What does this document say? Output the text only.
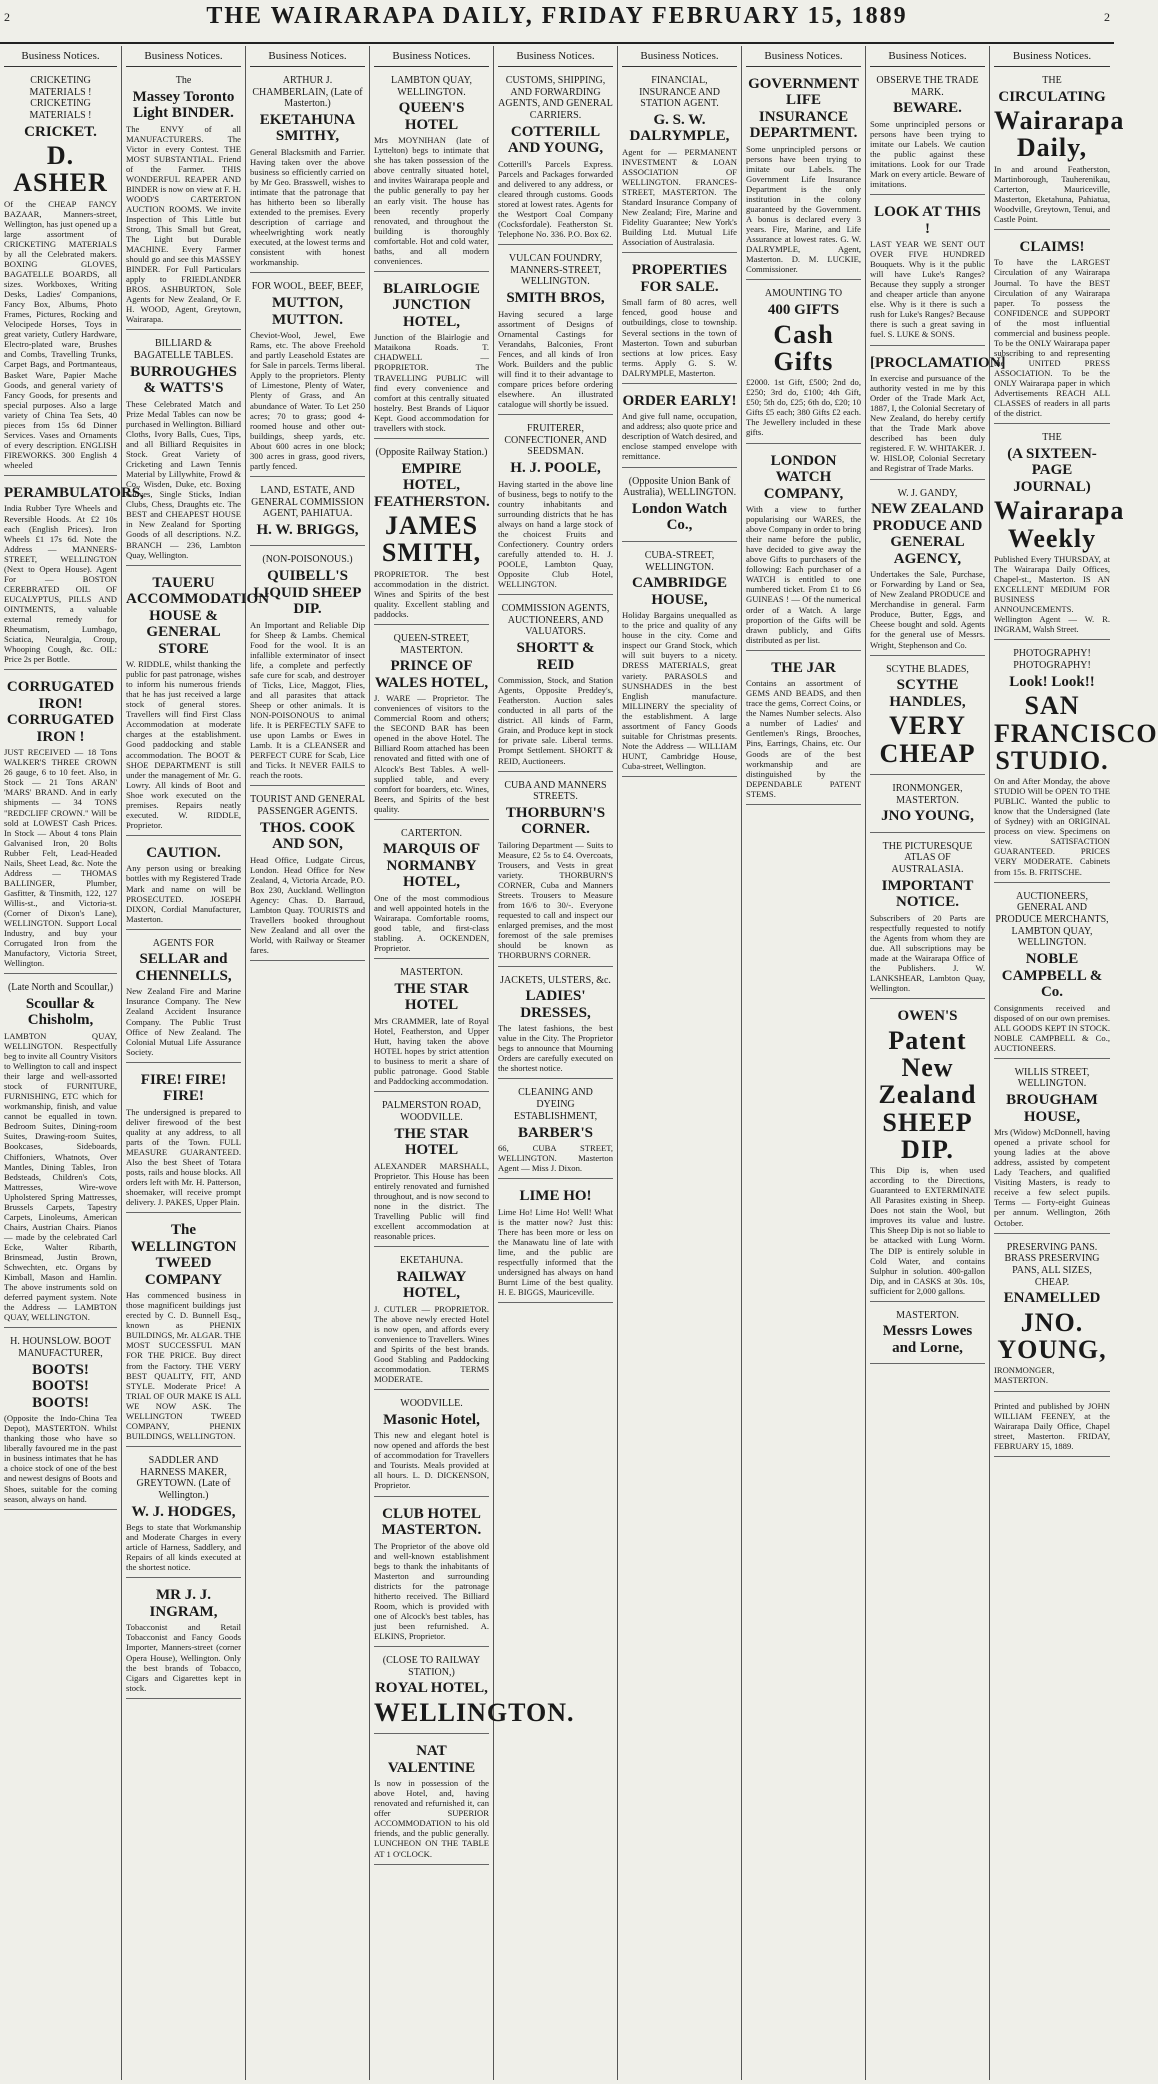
2	THE WAIRARAPA DAILY, FRIDAY FEBRUARY 15, 1889	2
Business Notices.
CRICKETING MATERIALS ! CRICKETING MATERIALS !
CRICKET.
D. ASHER
Of the CHEAP FANCY BAZAAR, Manners-street, Wellington, has just opened up a large assortment of CRICKETING MATERIALS by all the Celebrated makers. BOXING GLOVES, BAGATELLE BOARDS, all sizes. Workboxes, Writing Desks, Ladies' Companions, Fancy Box, Albums, Photo Frames, Pictures, Rocking and Velocipede Horses, Toys in great variety, Cutlery Hardware, Electro-plated ware, Brushes and Combs, Travelling Trunks, Carpet Bags, and Portmanteaus, Basket Ware, Papier Mache Goods, and general variety of Fancy Goods, for presents and special purposes. Also a large variety of China Tea Sets, 40 pieces from 15s 6d Dinner Services. Vases and Ornaments of every description. ENGLISH FIREWORKS. 300 English 4 wheeled
PERAMBULATORS,
India Rubber Tyre Wheels and Reversible Hoods. At £2 10s each (English Prices). Iron Wheels £1 17s 6d. Note the Address — MANNERS-STREET, WELLINGTON (Next to Opera House). Agent For — BOSTON CEREBRATED OIL OF EUCALYPTUS, PILLS AND OINTMENTS, a valuable external remedy for Rheumatism, Lumbago, Sciatica, Neuralgia, Croup, Whooping Cough, &c. OIL: Price 2s per Bottle.
CORRUGATED IRON! CORRUGATED IRON !
JUST RECEIVED — 18 Tons WALKER'S THREE CROWN 26 gauge, 6 to 10 feet. Also, in Stock — 21 Tons ARAN' 'MARS' BRAND. And in early shipments — 34 TONS "REDCLIFF CROWN." Will be sold at LOWEST Cash Prices. In Stock — About 4 tons Plain Galvanised Iron, 20 Bolts Rubber Felt, Lead-Headed Nails, Sheet Lead, &c. Note the Address — THOMAS BALLINGER, Plumber, Gasfitter, & Tinsmith, 122, 127 Willis-st., and Victoria-st. (Corner of Dixon's Lane), WELLINGTON. Support Local Industry, and buy your Corrugated Iron from the Manufactory, Victoria Street, Wellington.
(Late North and Scoullar,)
Scoullar & Chisholm,
LAMBTON QUAY, WELLINGTON. Respectfully beg to invite all Country Visitors to Wellington to call and inspect their large and well-assorted stock of FURNITURE, FURNISHING, ETC which for workmanship, finish, and value cannot be equalled in town. Bedroom Suites, Dining-room Suites, Drawing-room Suites, Bookcases, Sideboards, Chiffoniers, Whatnots, Over Mantles, Dining Tables, Iron Bedsteads, Children's Cots, Mattresses, Wire-wove Upholstered Spring Mattresses, Brussels Carpets, Tapestry Carpets, Linoleums, American Chairs, Austrian Chairs. Pianos — made by the celebrated Carl Ecke, Walter Ribarth, Brinsmead, Justin Brown, Schwechten, etc. Organs by Kimball, Mason and Hamlin. The above instruments sold on deferred payment system. Note the Address — LAMBTON QUAY, WELLINGTON.
H. HOUNSLOW. BOOT MANUFACTURER,
BOOTS! BOOTS! BOOTS!
(Opposite the Indo-China Tea Depot), MASTERTON. Whilst thanking those who have so liberally favoured me in the past in business intimates that he has a choice stock of one of the best and newest designs of Boots and Shoes, suitable for the coming season, always on hand.
Business Notices.
The
Massey Toronto Light BINDER.
The ENVY of all MANUFACTURERS. The Victor in every Contest. THE MOST SUBSTANTIAL. Friend of the Farmer. THIS WONDERFUL REAPER AND BINDER is now on view at F. H. WOOD'S CARTERTON AUCTION ROOMS. We invite Inspection of This Little but Strong, This Small but Great, The Light but Durable MACHINE. Every Farmer should go and see this MASSEY BINDER. For Full Particulars apply to FRIEDLANDER BROS. ASHBURTON, Sole Agents for New Zealand, Or F. H. WOOD, Agent, Greytown, Wairarapa.
BILLIARD & BAGATELLE TABLES.
BURROUGHES & WATTS'S
These Celebrated Match and Prize Medal Tables can now be purchased in Wellington. Billiard Cloths, Ivory Balls, Cues, Tips, and all Billiard Requisites in Stock. Great Variety of Cricketing and Lawn Tennis Material by Lillywhite, Frowd & Co., Wisden, Duke, etc. Boxing Gloves, Single Sticks, Indian Clubs, Chess, Draughts etc. The BEST and CHEAPEST HOUSE in New Zealand for Sporting Goods of all descriptions. N.Z. BRANCH — 236, Lambton Quay, Wellington.
TAUERU ACCOMMODATION HOUSE & GENERAL STORE
W. RIDDLE, whilst thanking the public for past patronage, wishes to inform his numerous friends that he has just received a large stock of general stores. Travellers will find First Class Accommodation at moderate charges at the establishment. Good paddocking and stable accommodation. The BOOT & SHOE DEPARTMENT is still under the management of Mr. G. Lowry. All kinds of Boot and Shoe work executed on the premises. Repairs neatly executed. W. RIDDLE, Proprietor.
CAUTION.
Any person using or breaking bottles with my Registered Trade Mark and name on will be PROSECUTED. JOSEPH DIXON, Cordial Manufacturer, Masterton.
AGENTS FOR
SELLAR and CHENNELLS,
New Zealand Fire and Marine Insurance Company. The New Zealand Accident Insurance Company. The Public Trust Office of New Zealand. The Colonial Mutual Life Assurance Society.
FIRE! FIRE! FIRE!
The undersigned is prepared to deliver firewood of the best quality at any address, to all parts of the Town. FULL MEASURE GUARANTEED. Also the best Sheet of Totara posts, rails and house blocks. All orders left with Mr. H. Patterson, shoemaker, will receive prompt delivery. J. PAKES, Upper Plain.
The WELLINGTON TWEED COMPANY
Has commenced business in those magnificent buildings just erected by C. D. Bunnell Esq., known as PHENIX BUILDINGS, Mr. ALGAR. THE MOST SUCCESSFUL MAN FOR THE PRICE. Buy direct from the Factory. THE VERY BEST QUALITY, FIT, AND STYLE. Moderate Price! A TRIAL OF OUR MAKE IS ALL WE NOW ASK. The WELLINGTON TWEED COMPANY, PHENIX BUILDINGS, WELLINGTON.
SADDLER AND HARNESS MAKER, GREYTOWN. (Late of Wellington.)
W. J. HODGES,
Begs to state that Workmanship and Moderate Charges in every article of Harness, Saddlery, and Repairs of all kinds executed at the shortest notice.
MR J. J. INGRAM,
Tobacconist and Retail Tobacconist and Fancy Goods Importer, Manners-street (corner Opera House), Wellington. Only the best brands of Tobacco, Cigars and Cigarettes kept in stock.
Business Notices.
ARTHUR J. CHAMBERLAIN, (Late of Masterton.)
EKETAHUNA SMITHY,
General Blacksmith and Farrier. Having taken over the above business so efficiently carried on by Mr Geo. Brasswell, wishes to intimate that the patronage that has hitherto been so liberally extended to the premises. Every description of carriage and wheelwrighting work neatly executed, at the lowest terms and consistent with honest workmanship.
FOR WOOL, BEEF, BEEF,
MUTTON, MUTTON.
Cheviot-Wool, Jewel, Ewe Rams, etc. The above Freehold and partly Leasehold Estates are for Sale in parcels. Terms liberal. Apply to the proprietors. Plenty of Limestone, Plenty of Water, Plenty of Grass, and An abundance of Water. To Let 250 acres; 70 to grass; good 4-roomed house and other out-buildings, sheep yards, etc. About 600 acres in one block; 300 acres in grass, good rivers, partly fenced.
LAND, ESTATE, AND GENERAL COMMISSION AGENT, PAHIATUA.
H. W. BRIGGS,
(NON-POISONOUS.)
QUIBELL'S LIQUID SHEEP DIP.
An Important and Reliable Dip for Sheep & Lambs. Chemical Food for the wool. It is an infallible exterminator of insect life, a complete and perfectly safe cure for scab, and destroyer of Ticks, Lice, Maggot, Flies, and all parasites that attack Sheep or other animals. It is NON-POISONOUS to animal life. It is PERFECTLY SAFE to use upon Lambs or Ewes in Lamb. It is a CLEANSER and PERFECT CURE for Scab, Lice and Ticks. It NEVER FAILS to reach the roots.
TOURIST AND GENERAL PASSENGER AGENTS.
THOS. COOK AND SON,
Head Office, Ludgate Circus, London. Head Office for New Zealand, 4, Victoria Arcade, P.O. Box 230, Auckland. Wellington Agency: Chas. D. Barraud, Lambton Quay. TOURISTS and Travellers booked throughout New Zealand and all over the World, with Railway or Steamer fares.
Business Notices.
LAMBTON QUAY, WELLINGTON.
QUEEN'S HOTEL
Mrs MOYNIHAN (late of Lyttelton) begs to intimate that she has taken possession of the above centrally situated hotel, and invites Wairarapa people and the public generally to pay her an early visit. The house has been recently properly renovated, and throughout the building is thoroughly comfortable. Hot and cold water, baths, and all modern conveniences.
BLAIRLOGIE JUNCTION HOTEL,
Junction of the Blairlogie and Mataikona Roads. T. CHADWELL — PROPRIETOR. The TRAVELLING PUBLIC will find every convenience and comfort at this centrally situated hostelry. Best Brands of Liquor Kept. Good accommodation for travellers with stock.
(Opposite Railway Station.)
EMPIRE HOTEL, FEATHERSTON.
JAMES SMITH,
PROPRIETOR. The best accommodation in the district. Wines and Spirits of the best quality. Excellent stabling and paddocks.
QUEEN-STREET, MASTERTON.
PRINCE OF WALES HOTEL,
J. WARE — Proprietor. The conveniences of visitors to the Commercial Room and others; the SECOND BAR has been opened in the above Hotel. The Billiard Room attached has been renovated and fitted with one of Alcock's Best Tables. A well-supplied table, and every comfort for boarders, etc. Wines, Beers, and Spirits of the best quality.
CARTERTON.
MARQUIS OF NORMANBY HOTEL,
One of the most commodious and well appointed hotels in the Wairarapa. Comfortable rooms, good table, and first-class stabling. A. OCKENDEN, Proprietor.
MASTERTON.
THE STAR HOTEL
Mrs CRAMMER, late of Royal Hotel, Featherston, and Upper Hutt, having taken the above HOTEL hopes by strict attention to business to merit a share of public patronage. Good Stable and Paddocking accommodation.
PALMERSTON ROAD, WOODVILLE.
THE STAR HOTEL
ALEXANDER MARSHALL, Proprietor. This House has been entirely renovated and furnished throughout, and is now second to none in the district. The Travelling Public will find excellent accommodation at reasonable prices.
EKETAHUNA.
RAILWAY HOTEL,
J. CUTLER — PROPRIETOR. The above newly erected Hotel is now open, and affords every convenience to Travellers. Wines and Spirits of the best brands. Good Stabling and Paddocking accommodation. TERMS MODERATE.
WOODVILLE.
Masonic Hotel,
This new and elegant hotel is now opened and affords the best of accommodation for Travellers and Tourists. Meals provided at all hours. L. D. DICKENSON, Proprietor.
CLUB HOTEL MASTERTON.
The Proprietor of the above old and well-known establishment begs to thank the inhabitants of Masterton and surrounding districts for the patronage hitherto received. The Billiard Room, which is provided with one of Alcock's best tables, has just been refurnished. A. ELKINS, Proprietor.
(CLOSE TO RAILWAY STATION,)
ROYAL HOTEL,
WELLINGTON.
NAT VALENTINE
Is now in possession of the above Hotel, and, having renovated and refurnished it, can offer SUPERIOR ACCOMMODATION to his old friends, and the public generally. LUNCHEON ON THE TABLE AT 1 O'CLOCK.
Business Notices.
CUSTOMS, SHIPPING, AND FORWARDING AGENTS, AND GENERAL CARRIERS.
COTTERILL AND YOUNG,
Cotterill's Parcels Express. Parcels and Packages forwarded and delivered to any address, or cleared through customs. Goods stored at lowest rates. Agents for the Westport Coal Company (Cocksfordale). Featherston St. Telephone No. 336. P.O. Box 62.
VULCAN FOUNDRY, MANNERS-STREET, WELLINGTON.
SMITH BROS,
Having secured a large assortment of Designs of Ornamental Castings for Verandahs, Balconies, Front Fences, and all kinds of Iron Work. Builders and the public will find it to their advantage to compare prices before ordering elsewhere. An illustrated catalogue will shortly be issued.
FRUITERER, CONFECTIONER, AND SEEDSMAN.
H. J. POOLE,
Having started in the above line of business, begs to notify to the country inhabitants and surrounding districts that he has always on hand a large stock of the choicest Fruits and Confectionery. Country orders carefully attended to. H. J. POOLE, Lambton Quay, Opposite Club Hotel, WELLINGTON.
COMMISSION AGENTS, AUCTIONEERS, AND VALUATORS.
SHORTT & REID
Commission, Stock, and Station Agents, Opposite Preddey's, Featherston. Auction sales conducted in all parts of the district. All kinds of Farm, Grain, and Produce kept in stock for private sale. Liberal terms. Prompt Settlement. SHORTT & REID, Auctioneers.
CUBA AND MANNERS STREETS.
THORBURN'S CORNER.
Tailoring Department — Suits to Measure, £2 5s to £4. Overcoats, Trousers, and Vests in great variety. THORBURN'S CORNER, Cuba and Manners Streets. Trousers to Measure from 16/6 to 30/-. Everyone requested to call and inspect our enlarged premises, and the most foremost of the sale premises should be known as THORBURN'S CORNER.
JACKETS, ULSTERS, &c.
LADIES' DRESSES,
The latest fashions, the best value in the City. The Proprietor begs to announce that Mourning Orders are carefully executed on the shortest notice.
CLEANING AND DYEING ESTABLISHMENT,
BARBER'S
66, CUBA STREET, WELLINGTON. Masterton Agent — Miss J. Dixon.
LIME HO!
Lime Ho! Lime Ho! Well! What is the matter now? Just this: There has been more or less on the Manawatu line of late with lime, and the public are respectfully informed that the undersigned has always on hand Burnt Lime of the best quality. H. E. BIGGS, Mauriceville.
Business Notices.
FINANCIAL, INSURANCE AND STATION AGENT.
G. S. W. DALRYMPLE,
Agent for — PERMANENT INVESTMENT & LOAN ASSOCIATION OF WELLINGTON. FRANCES-STREET, MASTERTON. The Standard Insurance Company of New Zealand; Fire, Marine and Fidelity Guarantee; New York's Building Ltd. Mutual Life Association of Australasia.
PROPERTIES FOR SALE.
Small farm of 80 acres, well fenced, good house and outbuildings, close to township. Several sections in the town of Masterton. Town and suburban sections at low prices. Easy terms. Apply G. S. W. DALRYMPLE, Masterton.
ORDER EARLY!
And give full name, occupation, and address; also quote price and description of Watch desired, and enclose stamped envelope with remittance.
(Opposite Union Bank of Australia), WELLINGTON.
London Watch Co.,
CUBA-STREET, WELLINGTON.
CAMBRIDGE HOUSE,
Holiday Bargains unequalled as to the price and quality of any house in the city. Come and inspect our Grand Stock, which will suit buyers to a nicety. DRESS MATERIALS, great variety. PARASOLS and SUNSHADES in the best English manufacture. MILLINERY the speciality of the establishment. A large assortment of Fancy Goods suitable for Christmas presents. Note the Address — WILLIAM HUNT, Cambridge House, Cuba-street, Wellington.
Business Notices.
GOVERNMENT LIFE INSURANCE DEPARTMENT.
Some unprincipled persons or persons have been trying to imitate our Labels. The Government Life Insurance Department is the only institution in the colony guaranteed by the Government. A bonus is declared every 3 years. Fire, Marine, and Life Assurance at lowest rates. G. W. DALRYMPLE, Agent, Masterton. D. M. LUCKIE, Commissioner.
AMOUNTING TO
400 GIFTS
Cash Gifts
£2000. 1st Gift, £500; 2nd do, £250; 3rd do, £100; 4th Gift, £50; 5th do, £25; 6th do, £20; 10 Gifts £5 each; 380 Gifts £2 each. The Jewellery included in these gifts.
LONDON WATCH COMPANY,
With a view to further popularising our WARES, the above Company in order to bring their name before the public, have decided to give away the above Gifts to purchasers of the following: Each purchaser of a WATCH is entitled to one numbered ticket. From £1 to £6 GUINEAS ! — Of the numerical order of a Watch. A large proportion of the Gifts will be drawn publicly, and Gifts distributed as per list.
THE JAR
Contains an assortment of GEMS AND BEADS, and then trace the gems, Correct Coins, or the Names Number selects. Also a number of Ladies' and Gentlemen's Rings, Brooches, Pins, Earrings, Chains, etc. Our Goods are of the best workmanship and are distinguished by the DEPENDABLE PATENT STEMS.
Business Notices.
OBSERVE THE TRADE MARK.
BEWARE.
Some unprincipled persons or persons have been trying to imitate our Labels. We caution the public against these imitations. Look for our Trade Mark on every article. Beware of imitations.
LOOK AT THIS !
LAST YEAR WE SENT OUT OVER FIVE HUNDRED Bouquets. Why is it the public will have Luke's Ranges? Because they supply a stronger and cheaper article than anyone else. Why is it there is such a rush for Luke's Ranges? Because there is such a great saving in fuel. S. LUKE & SONS.
[PROCLAMATION]
In exercise and pursuance of the authority vested in me by this Order of the Trade Mark Act, 1887, I, the Colonial Secretary of New Zealand, do hereby certify that the Trade Mark above described has been duly registered. F. W. WHITAKER. J. W. HISLOP, Colonial Secretary and Registrar of Trade Marks.
W. J. GANDY,
NEW ZEALAND PRODUCE AND GENERAL AGENCY,
Undertakes the Sale, Purchase, or Forwarding by Land or Sea, of New Zealand PRODUCE and Merchandise in general. Farm Produce, Butter, Eggs, and Cheese bought and sold. Agents for the general use of Messrs. Wright, Stephenson and Co.
SCYTHE BLADES,
SCYTHE HANDLES,
VERY CHEAP
IRONMONGER, MASTERTON.
JNO YOUNG,
THE PICTURESQUE ATLAS OF AUSTRALASIA.
IMPORTANT NOTICE.
Subscribers of 20 Parts are respectfully requested to notify the Agents from whom they are due. All subscriptions may be made at the Wairarapa Office of the Publishers. J. W. LANKSHEAR, Lambton Quay, Wellington.
OWEN'S
Patent New Zealand SHEEP DIP.
This Dip is, when used according to the Directions, Guaranteed to EXTERMINATE All Parasites existing in Sheep. Does not stain the Wool, but improves its value and lustre. This Sheep Dip is not so liable to be attacked with Lung Worm. The DIP is entirely soluble in Cold Water, and contains Sulphur in solution. 400-gallon Dip, and in CASKS at 30s. 10s, sufficient for 2,000 gallons.
MASTERTON.
Messrs Lowes and Lorne,
Business Notices.
THE
CIRCULATING
Wairarapa Daily,
In and around Featherston, Martinborough, Tauherenikau, Carterton, Mauriceville, Masterton, Eketahuna, Pahiatua, Woodville, Greytown, Tenui, and Castle Point.
CLAIMS!
To have the LARGEST Circulation of any Wairarapa Journal. To have the BEST Circulation of any Wairarapa paper. To possess the CONFIDENCE and SUPPORT of the most influential commercial and business people. To be the ONLY Wairarapa paper subscribing to and representing the UNITED PRESS ASSOCIATION. To be the ONLY Wairarapa paper in which Advertisements REACH ALL CLASSES of readers in all parts of the district.
THE
(A SIXTEEN-PAGE JOURNAL)
Wairarapa Weekly
Published Every THURSDAY, at The Wairarapa Daily Offices, Chapel-st., Masterton. IS AN EXCELLENT MEDIUM FOR BUSINESS ANNOUNCEMENTS. Wellington Agent — W. R. INGRAM, Walsh Street.
PHOTOGRAPHY! PHOTOGRAPHY!
Look! Look!!
SAN FRANCISCO STUDIO.
On and After Monday, the above STUDIO Will be OPEN TO THE PUBLIC. Wanted the public to know that the Undersigned (late of Sydney) with an ORIGINAL process on view. Specimens on view. SATISFACTION GUARANTEED. PRICES VERY MODERATE. Cabinets from 15s. B. FRITSCHE.
AUCTIONEERS, GENERAL AND PRODUCE MERCHANTS, LAMBTON QUAY, WELLINGTON.
NOBLE CAMPBELL & Co.
Consignments received and disposed of on our own premises. ALL GOODS KEPT IN STOCK. NOBLE CAMPBELL & Co., AUCTIONEERS.
WILLIS STREET, WELLINGTON.
BROUGHAM HOUSE,
Mrs (Widow) McDonnell, having opened a private school for young ladies at the above address, assisted by competent Lady Teachers, and qualified Visiting Masters, is ready to receive a few select pupils. Terms — Forty-eight Guineas per annum. Wellington, 26th October.
PRESERVING PANS. BRASS PRESERVING PANS, ALL SIZES, CHEAP.
ENAMELLED
JNO. YOUNG,
IRONMONGER, MASTERTON.
Printed and published by JOHN WILLIAM FEENEY, at the Wairarapa Daily Office, Chapel street, Masterton. FRIDAY, FEBRUARY 15, 1889.
